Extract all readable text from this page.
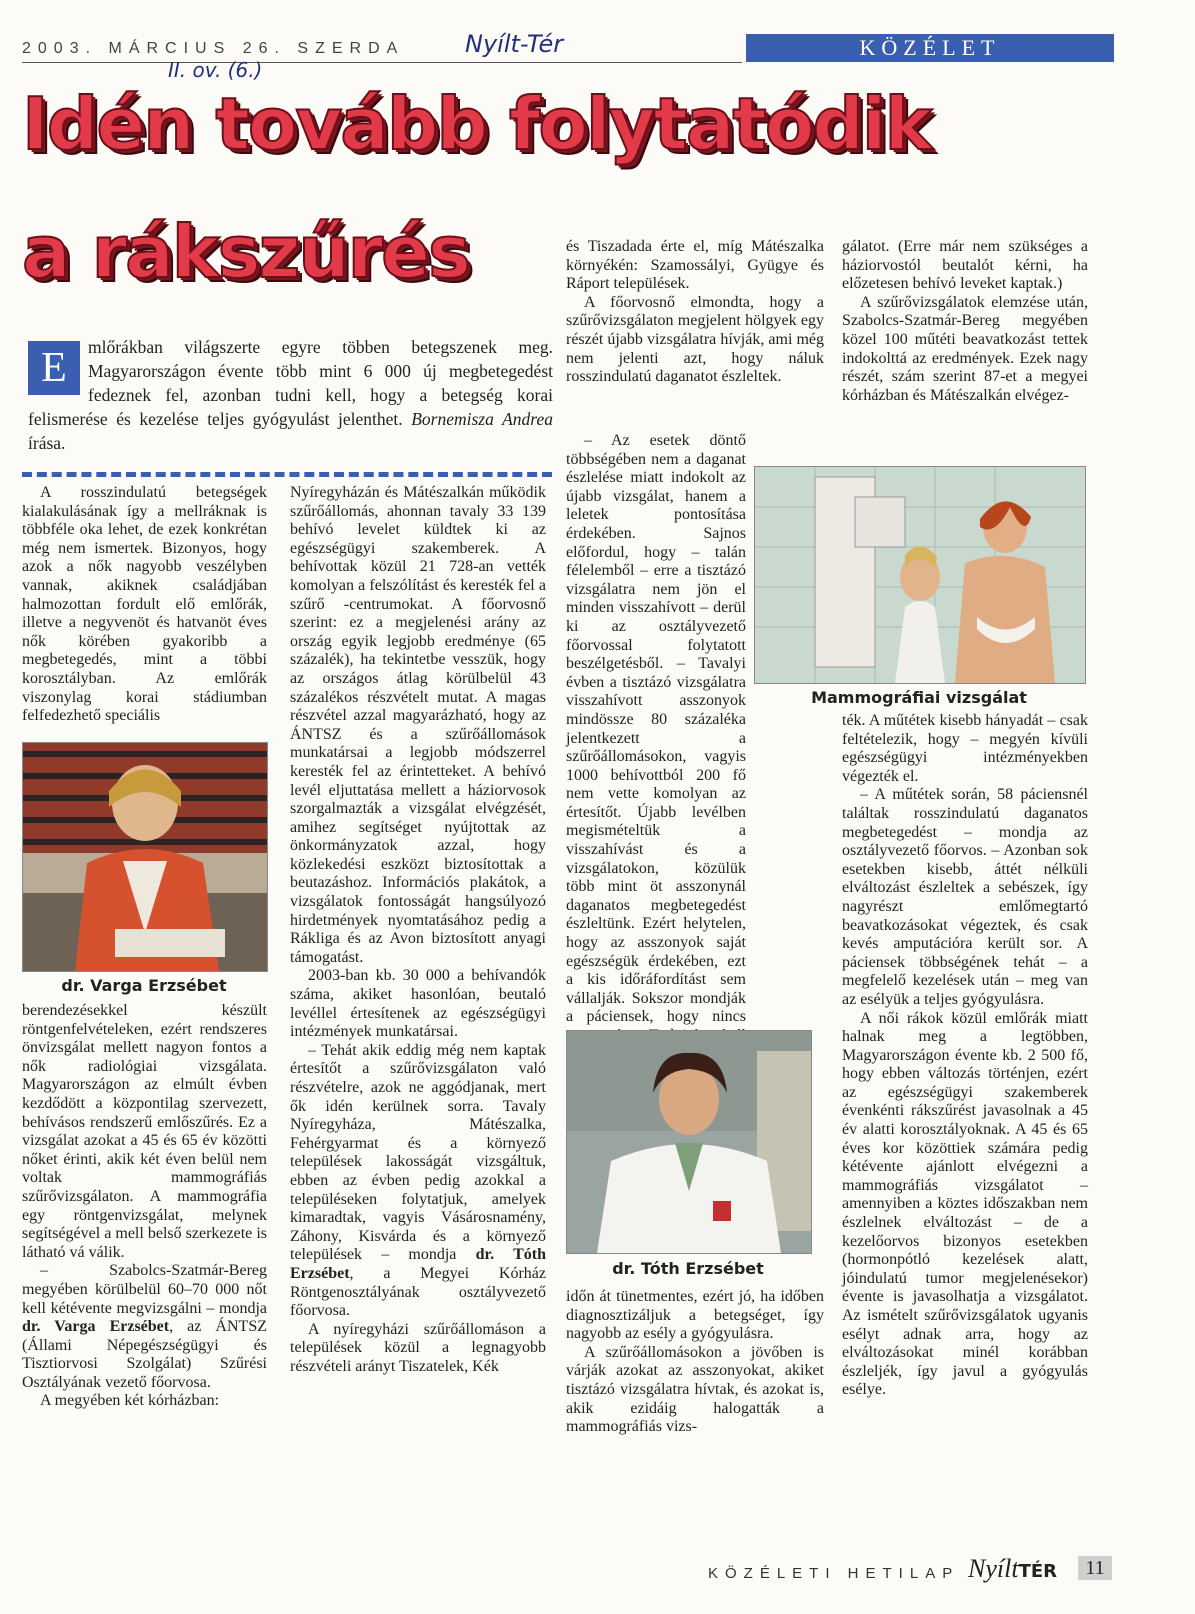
2003. MÁRCIUS 26. SZERDA	Nyílt-Tér
II. ov. (6.)
KÖZÉLET
Idén tovább folytatódik
a rákszűrés
E	mlőrákban világszerte egyre többen betegszenek meg. Magyarországon évente több mint 6 000 új megbetegedést fedeznek fel, azonban tudni kell, hogy a betegség korai felismerése és kezelése teljes gyógyulást jelenthet. Bornemisza Andrea írása.

A rosszindulatú betegségek kialakulásának így a mellráknak is többféle oka lehet, de ezek konkrétan még nem ismertek. Bizonyos, hogy azok a nők nagyobb veszélyben vannak, akiknek családjában halmozottan fordult elő emlőrák, illetve a negyvenöt és hatvanöt éves nők körében gyakoribb a megbetegedés, mint a többi korosztályban. Az emlőrák viszonylag korai stádiumban felfedezhető speciális

dr. Varga Erzsébet

berendezésekkel készült röntgenfelvételeken, ezért rendszeres önvizsgálat mellett nagyon fontos a nők radiológiai vizsgálata. Magyarországon az elmúlt évben kezdődött a központilag szervezett, behívásos rendszerű emlőszűrés. Ez a vizsgálat azokat a 45 és 65 év közötti nőket érinti, akik két éven belül nem voltak mammográfiás szűrővizsgálaton. A mammográfia egy röntgenvizsgálat, melynek segítségével a mell belső szerkezete is látható vá válik.

– Szabolcs-Szatmár-Bereg megyében körülbelül 60–70 000 nőt kell kétévente megvizsgálni – mondja dr. Varga Erzsébet, az ÁNTSZ (Állami Népegészségügyi és Tisztiorvosi Szolgálat) Szűrési Osztályának vezető főorvosa.

A megyében két kórházban:

Nyíregyházán és Mátészalkán működik szűrőállomás, ahonnan tavaly 33 139 behívó levelet küldtek ki az egészségügyi szakemberek. A behívottak közül 21 728-an vették komolyan a felszólítást és keresték fel a szűrő -centrumokat. A főorvosnő szerint: ez a megjelenési arány az ország egyik legjobb eredménye (65 százalék), ha tekintetbe vesszük, hogy az országos átlag körülbelül 43 százalékos részvételt mutat. A magas részvétel azzal magyarázható, hogy az ÁNTSZ és a szűrőállomások munkatársai a legjobb módszerrel keresték fel az érintetteket. A behívó levél eljuttatása mellett a háziorvosok szorgalmazták a vizsgálat elvégzését, amihez segítséget nyújtottak az önkormányzatok azzal, hogy közlekedési eszközt biztosítottak a beutazáshoz. Információs plakátok, a vizsgálatok fontosságát hangsúlyozó hirdetmények nyomtatásához pedig a Rákliga és az Avon biztosított anyagi támogatást.

2003-ban kb. 30 000 a behívandók száma, akiket hasonlóan, beutaló levéllel értesítenek az egészségügyi intézmények munkatársai.

– Tehát akik eddig még nem kaptak értesítőt a szűrővizsgálaton való részvételre, azok ne aggódjanak, mert ők idén kerülnek sorra. Tavaly Nyíregyháza, Mátészalka, Fehérgyarmat és a környező települések lakosságát vizsgáltuk, ebben az évben pedig azokkal a településeken folytatjuk, amelyek kimaradtak, vagyis Vásárosnamény, Záhony, Kisvárda és a környező települések – mondja dr. Tóth Erzsébet, a Megyei Kórház Röntgenosztályának osztályvezető főorvosa.

A nyíregyházi szűrőállomáson a települések közül a legnagyobb részvételi arányt Tiszatelek, Kék

és Tiszadada érte el, míg Mátészalka környékén: Szamossályi, Gyügye és Ráport települések.

A főorvosnő elmondta, hogy a szűrővizsgálaton megjelent hölgyek egy részét újabb vizsgálatra hívják, ami még nem jelenti azt, hogy náluk rosszindulatú daganatot észleltek.

– Az esetek döntő többségében nem a daganat észlelése miatt indokolt az újabb vizsgálat, hanem a leletek pontosítása érdekében. Sajnos előfordul, hogy – talán félelemből – erre a tisztázó vizsgálatra nem jön el minden visszahívott – derül ki az osztályvezető főorvossal folytatott beszélgetésből. – Tavalyi évben a tisztázó vizsgálatra visszahívott asszonyok mindössze 80 százaléka jelentkezett a szűrőállomásokon, vagyis 1000 behívottból 200 fő nem vette komolyan az értesítőt. Újabb levélben megismételtük a visszahívást és a vizsgálatokon, közülük több mint öt asszonynál daganatos megbetegedést észleltünk. Ezért helytelen, hogy az asszonyok saját egészségük érdekében, ezt a kis időráfordítást sem vállalják. Sokszor mondják a páciensek, hogy nincs

Mammográfiai vizsgálat
dr. Tóth Erzsébet

időn át tünetmentes, ezért jó, ha időben diagnosztizáljuk a betegséget, így nagyobb az esély a gyógyulásra.

A szűrőállomásokon a jövőben is várják azokat az asszonyokat, akiket tisztázó vizsgálatra hívtak, és azokat is, akik ezidáig halogatták a mammográfiás vizs-

gálatot. (Erre már nem szükséges a háziorvostól beutalót kérni, ha előzetesen behívó leveket kaptak.)

A szűrővizsgálatok elemzése után, Szabolcs-Szatmár-Bereg megyében közel 100 műtéti beavatkozást tettek indokolttá az eredmények. Ezek nagy részét, szám szerint 87-et a megyei kórházban és Mátészalkán elvégez-

ték. A műtétek kisebb hányadát – csak feltételezik, hogy – megyén kívüli egészségügyi intézményekben végezték el.

– A műtétek során, 58 páciensnél találtak rosszindulatú daganatos megbetegedést – mondja az osztályvezető főorvos. – Azonban sok esetekben kisebb, áttét nélküli elváltozást észleltek a sebészek, így nagyrészt emlőmegtartó beavatkozásokat végeztek, és csak kevés amputációra került sor. A páciensek többségének tehát – a megfelelő kezelések után – meg van az esélyük a teljes gyógyulásra.

A női rákok közül emlőrák miatt halnak meg a legtöbben, Magyarországon évente kb. 2 500 fő, hogy ebben változás történjen, ezért az egészségügyi szakemberek évenkénti rákszűrést javasolnak a 45 év alatti korosztályoknak. A 45 és 65 éves kor közöttiek számára pedig kétévente ajánlott elvégezni a mammográfiás vizsgálatot – amennyiben a köztes időszakban nem észlelnek elváltozást – de a kezelőorvos bizonyos esetekben (hormonpótló kezelések alatt, jóindulatú tumor megjelenésekor) évente is javasolhatja a vizsgálatot. Az ismételt szűrővizsgálatok ugyanis esélyt adnak arra, hogy az elváltozásokat minél korábban észleljék, így javul a gyógyulás esélye.

KÖZÉLETI HETILAP NyíltTÉR	11
